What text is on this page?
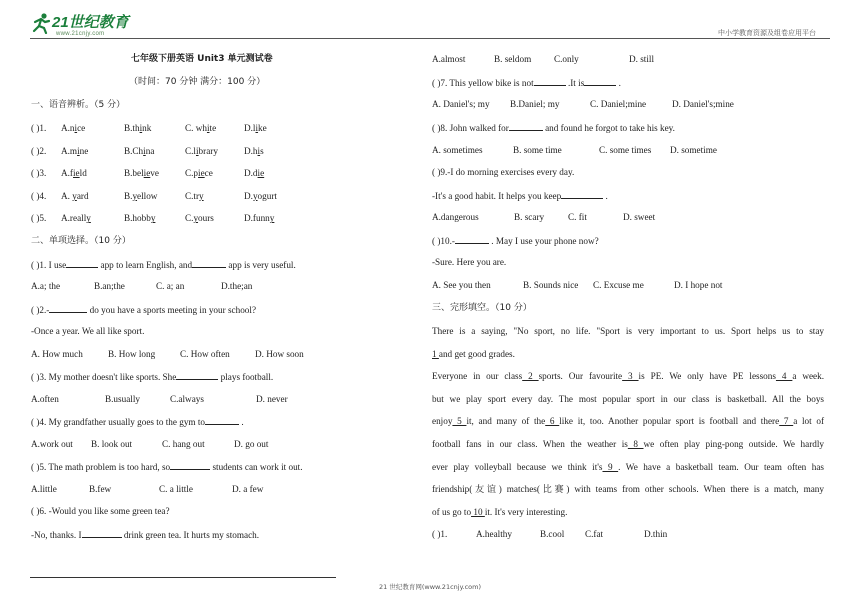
21世纪教育
www.21cnjy.com	中小学教育资源及组卷应用平台
七年级下册英语 Unit3 单元测试卷
（时间：70 分钟 满分：100 分）
一、语音辨析。（5 分）
( )1. A.nice	B.think	C. white	D.like
( )2. A.mine	B.China	C.library	D.his
( )3. A.field	B.believe	C.piece	D.die
( )4. A. yard	B.yellow	C.try	D.yogurt
( )5. A.really	B.hobby	C.yours	D.funny
二、单项选择。（10 分）
( )1. I use	app to learn English, and	app is very useful.
A.a; the	B.an;the	C. a; an	D.the;an
( )2.-	do you have a sports meeting in your school?
-Once a year. We all like sport.
A. How much	B. How long	C. How often	D. How soon
( )3. My mother doesn't like sports. She	plays football.
A.often	B.usually	C.always	D. never
( )4. My grandfather usually goes to the gym to	.
A.work out B. look out	C. hang out	D. go out
( )5. The math problem is too hard, so	students can work it out.
A.little	B.few	C. a little	D. a few
( )6. -Would you like some green tea?
-No, thanks. I	drink green tea. It hurts my stomach.
A.almost	B. seldom C.only	D. still
( )7. This yellow bike is not	.It is	.
A. Daniel's; my B.Daniel; my	C. Daniel;mine	D. Daniel's;mine
( )8. John walked for	and found he forgot to take his key.
A. sometimes	B. some time	C. some times D. sometime
( )9.-I do morning exercises every day.
-It's a good habit. It helps you keep	.
A.dangerous	B. scary	C. fit	D. sweet
( )10.-	. May I use your phone now?
-Sure. Here you are.
A. See you then	B. Sounds nice C. Excuse me	D. I hope not
三、完形填空。（10 分）
There is a saying, "No sport, no life. "Sport is very important to us. Sport helps us to stay
1 and get good grades.
Everyone in our class 2 sports. Our favourite 3 is PE. We only have PE lessons 4 a week.
but we play sport every day. The most popular sport in our class is basketball. All the boys
enjoy 5 it, and many of the 6 like it, too. Another popular sport is football and there 7 a lot of
football fans in our class. When the weather is 8 we often play ping-pong outside. We hardly
ever play volleyball because we think it's 9 . We have a basketball team. Our team often has
friendship(友谊) matches(比赛) with teams from other schools. When there is a match, many
of us go to 10 it. It's very interesting.
( )1.	A.healthy	B.cool C.fat	D.thin
21 世纪教育网(www.21cnjy.com)
